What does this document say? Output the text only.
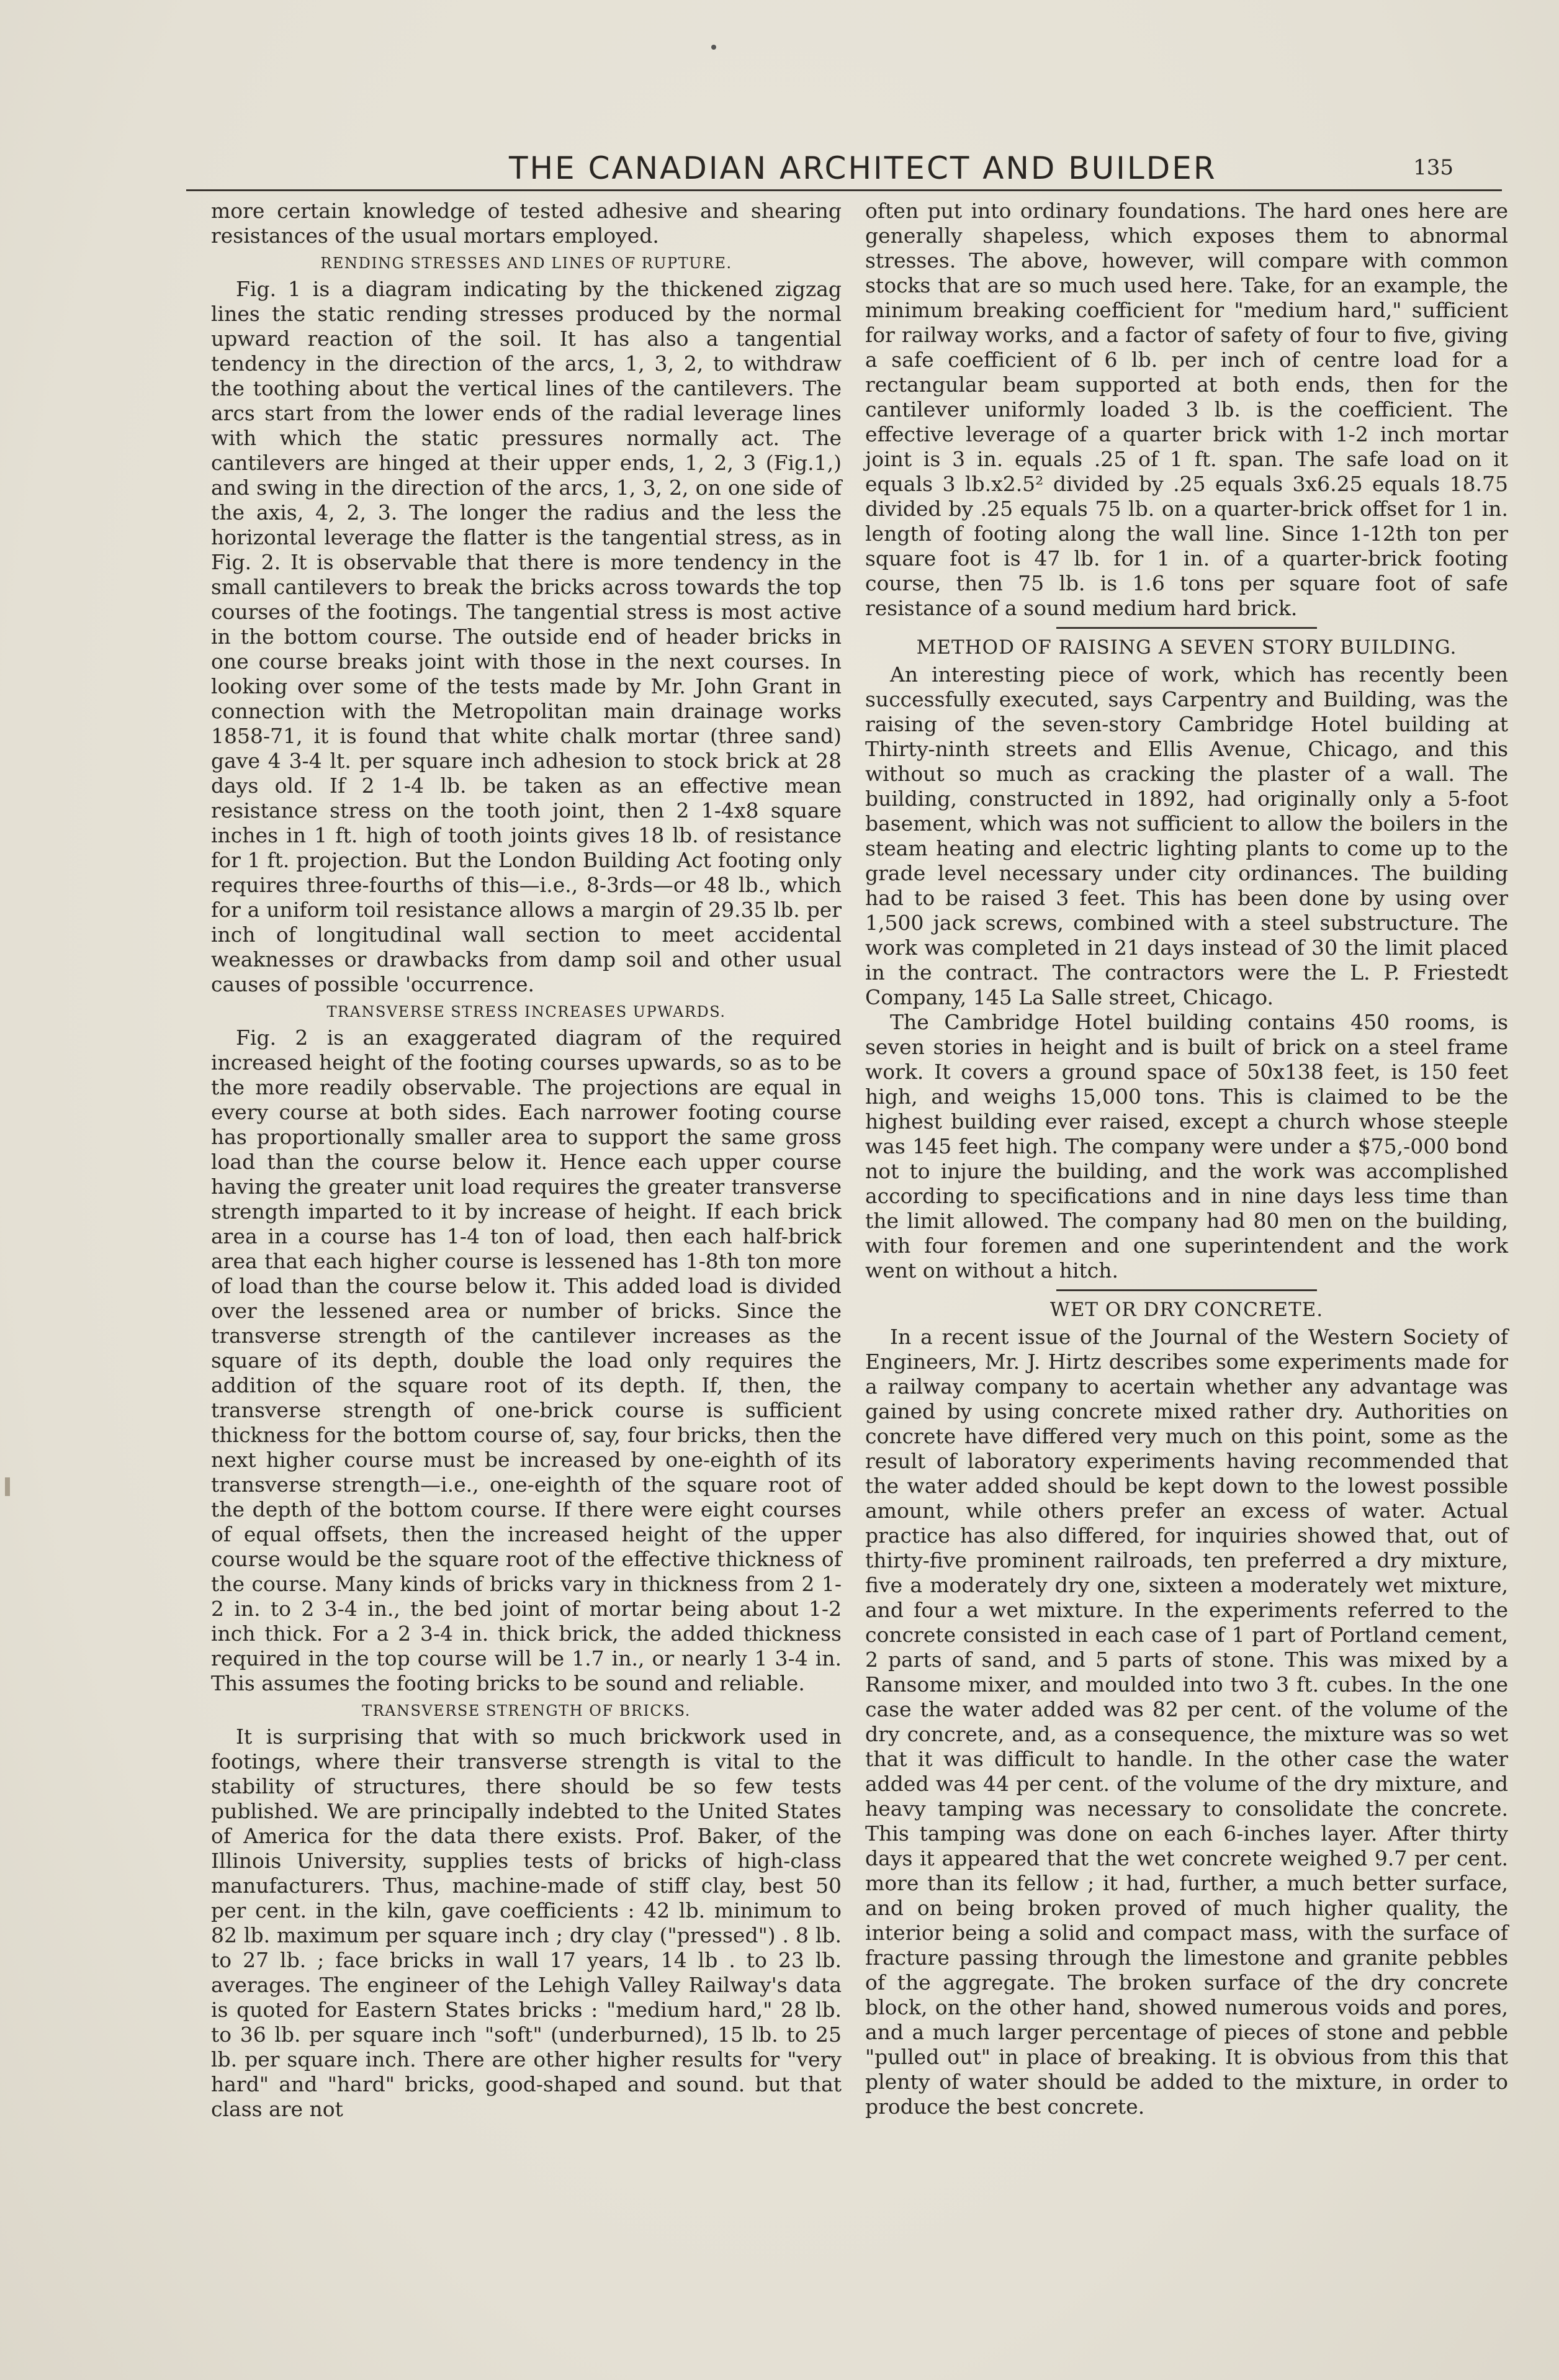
THE CANADIAN ARCHITECT AND BUILDER	135

more certain knowledge of tested adhesive and shearing resistances of the usual mortars employed.

RENDING STRESSES AND LINES OF RUPTURE.

Fig. 1 is a diagram indicating by the thickened zigzag lines the static rending stresses produced by the normal upward reaction of the soil. It has also a tangential tendency in the direction of the arcs, 1, 3, 2, to withdraw the toothing about the vertical lines of the cantilevers. The arcs start from the lower ends of the radial leverage lines with which the static pressures normally act. The cantilevers are hinged at their upper ends, 1, 2, 3 (Fig.1,) and swing in the direction of the arcs, 1, 3, 2, on one side of the axis, 4, 2, 3. The longer the radius and the less the horizontal leverage the flatter is the tangential stress, as in Fig. 2. It is observable that there is more tendency in the small cantilevers to break the bricks across towards the top courses of the footings. The tangential stress is most active in the bottom course. The outside end of header bricks in one course breaks joint with those in the next courses. In looking over some of the tests made by Mr. John Grant in connection with the Metropolitan main drainage works 1858-71, it is found that white chalk mortar (three sand) gave 4 3-4 lt. per square inch adhesion to stock brick at 28 days old. If 2 1-4 lb. be taken as an effective mean resistance stress on the tooth joint, then 2 1-4x8 square inches in 1 ft. high of tooth joints gives 18 lb. of resistance for 1 ft. projection. But the London Building Act footing only requires three-fourths of this—i.e., 8-3rds—or 48 lb., which for a uniform toil resistance allows a margin of 29.35 lb. per inch of longitudinal wall section to meet accidental weaknesses or drawbacks from damp soil and other usual causes of possible 'occurrence.

TRANSVERSE STRESS INCREASES UPWARDS.

Fig. 2 is an exaggerated diagram of the required increased height of the footing courses upwards, so as to be the more readily observable. The projections are equal in every course at both sides. Each narrower footing course has proportionally smaller area to support the same gross load than the course below it. Hence each upper course having the greater unit load requires the greater transverse strength imparted to it by increase of height. If each brick area in a course has 1-4 ton of load, then each half-brick area that each higher course is lessened has 1-8th ton more of load than the course below it. This added load is divided over the lessened area or number of bricks. Since the transverse strength of the cantilever increases as the square of its depth, double the load only requires the addition of the square root of its depth. If, then, the transverse strength of one-brick course is sufficient thickness for the bottom course of, say, four bricks, then the next higher course must be increased by one-eighth of its transverse strength—i.e., one-eighth of the square root of the depth of the bottom course. If there were eight courses of equal offsets, then the increased height of the upper course would be the square root of the effective thickness of the course. Many kinds of bricks vary in thickness from 2 1-2 in. to 2 3-4 in., the bed joint of mortar being about 1-2 inch thick. For a 2 3-4 in. thick brick, the added thickness required in the top course will be 1.7 in., or nearly 1 3-4 in. This assumes the footing bricks to be sound and reliable.

TRANSVERSE STRENGTH OF BRICKS.

It is surprising that with so much brickwork used in footings, where their transverse strength is vital to the stability of structures, there should be so few tests published. We are principally indebted to the United States of America for the data there exists. Prof. Baker, of the Illinois University, supplies tests of bricks of high-class manufacturers. Thus, machine-made of stiff clay, best 50 per cent. in the kiln, gave coefficients : 42 lb. minimum to 82 lb. maximum per square inch ; dry clay ("pressed") . 8 lb. to 27 lb. ; face bricks in wall 17 years, 14 lb . to 23 lb. averages. The engineer of the Lehigh Valley Railway's data is quoted for Eastern States bricks : "medium hard," 28 lb. to 36 lb. per square inch "soft" (underburned), 15 lb. to 25 lb. per square inch. There are other higher results for "very hard" and "hard" bricks, good-shaped and sound. but that class are not

often put into ordinary foundations. The hard ones here are generally shapeless, which exposes them to abnormal stresses. The above, however, will compare with common stocks that are so much used here. Take, for an example, the minimum breaking coefficient for "medium hard," sufficient for railway works, and a factor of safety of four to five, giving a safe coefficient of 6 lb. per inch of centre load for a rectangular beam supported at both ends, then for the cantilever uniformly loaded 3 lb. is the coefficient. The effective leverage of a quarter brick with 1-2 inch mortar joint is 3 in. equals .25 of 1 ft. span. The safe load on it equals 3 lb.x2.5² divided by .25 equals 3x6.25 equals 18.75 divided by .25 equals 75 lb. on a quarter-brick offset for 1 in. length of footing along the wall line. Since 1-12th ton per square foot is 47 lb. for 1 in. of a quarter-brick footing course, then 75 lb. is 1.6 tons per square foot of safe resistance of a sound medium hard brick.

METHOD OF RAISING A SEVEN STORY BUILDING.

An interesting piece of work, which has recently been successfully executed, says Carpentry and Building, was the raising of the seven-story Cambridge Hotel building at Thirty-ninth streets and Ellis Avenue, Chicago, and this without so much as cracking the plaster of a wall. The building, constructed in 1892, had originally only a 5-foot basement, which was not sufficient to allow the boilers in the steam heating and electric lighting plants to come up to the grade level necessary under city ordinances. The building had to be raised 3 feet. This has been done by using over 1,500 jack screws, combined with a steel substructure. The work was completed in 21 days instead of 30 the limit placed in the contract. The contractors were the L. P. Friestedt Company, 145 La Salle street, Chicago.

The Cambridge Hotel building contains 450 rooms, is seven stories in height and is built of brick on a steel frame work. It covers a ground space of 50x138 feet, is 150 feet high, and weighs 15,000 tons. This is claimed to be the highest building ever raised, except a church whose steeple was 145 feet high. The company were under a $75,-000 bond not to injure the building, and the work was accomplished according to specifications and in nine days less time than the limit allowed. The company had 80 men on the building, with four foremen and one superintendent and the work went on without a hitch.

WET OR DRY CONCRETE.

In a recent issue of the Journal of the Western Society of Engineers, Mr. J. Hirtz describes some experiments made for a railway company to acertain whether any advantage was gained by using concrete mixed rather dry. Authorities on concrete have differed very much on this point, some as the result of laboratory experiments having recommended that the water added should be kept down to the lowest possible amount, while others prefer an excess of water. Actual practice has also differed, for inquiries showed that, out of thirty-five prominent railroads, ten preferred a dry mixture, five a moderately dry one, sixteen a moderately wet mixture, and four a wet mixture. In the experiments referred to the concrete consisted in each case of 1 part of Portland cement, 2 parts of sand, and 5 parts of stone. This was mixed by a Ransome mixer, and moulded into two 3 ft. cubes. In the one case the water added was 82 per cent. of the volume of the dry concrete, and, as a consequence, the mixture was so wet that it was difficult to handle. In the other case the water added was 44 per cent. of the volume of the dry mixture, and heavy tamping was necessary to consolidate the concrete. This tamping was done on each 6-inches layer. After thirty days it appeared that the wet concrete weighed 9.7 per cent. more than its fellow ; it had, further, a much better surface, and on being broken proved of much higher quality, the interior being a solid and compact mass, with the surface of fracture passing through the limestone and granite pebbles of the aggregate. The broken surface of the dry concrete block, on the other hand, showed numerous voids and pores, and a much larger percentage of pieces of stone and pebble "pulled out" in place of breaking. It is obvious from this that plenty of water should be added to the mixture, in order to produce the best concrete.
